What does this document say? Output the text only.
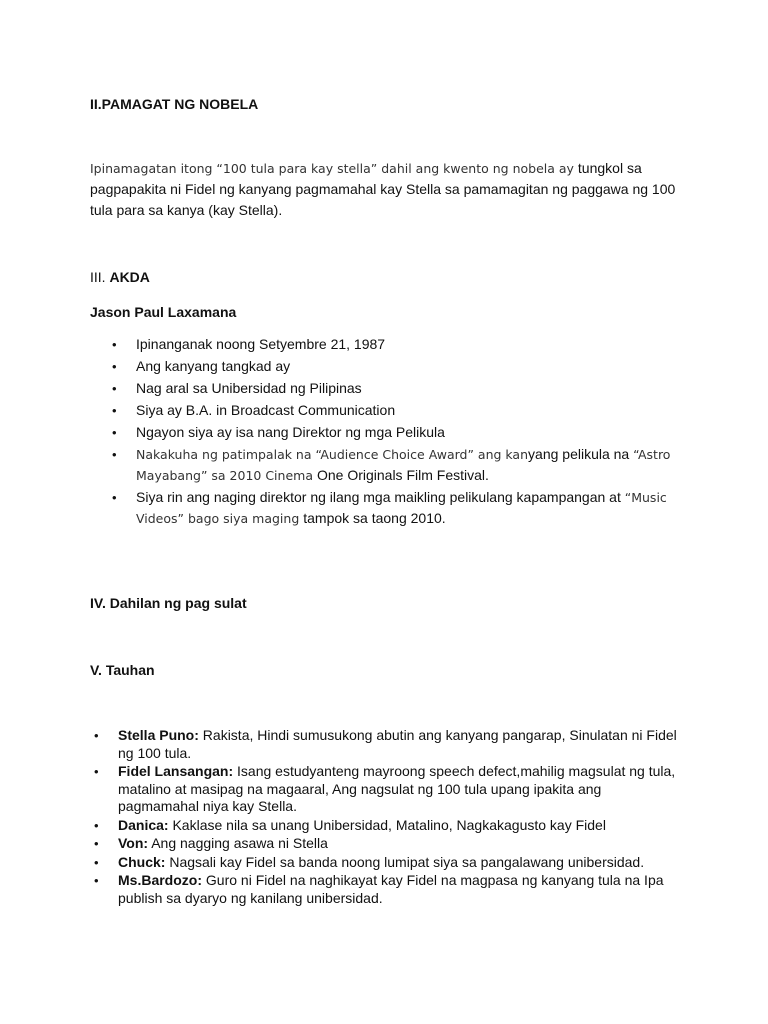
II.PAMAGAT NG NOBELA
Ipinamagatan itong “100 tula para kay stella” dahil ang kwento ng nobela ay tungkol sa pagpapakita ni Fidel ng kanyang pagmamahal kay Stella sa pamamagitan ng paggawa ng 100 tula para sa kanya (kay Stella).
III. AKDA
Jason Paul Laxamana
• Ipinanganak noong Setyembre 21, 1987
• Ang kanyang tangkad ay
• Nag aral sa Unibersidad ng Pilipinas
• Siya ay B.A. in Broadcast Communication
• Ngayon siya ay isa nang Direktor ng mga Pelikula
• Nakakuha ng patimpalak na “Audience Choice Award” ang kanyang pelikula na “Astro Mayabang” sa 2010 Cinema One Originals Film Festival.
• Siya rin ang naging direktor ng ilang mga maikling pelikulang kapampangan at “Music Videos” bago siya maging tampok sa taong 2010.
IV. Dahilan ng pag sulat
V. Tauhan
• Stella Puno: Rakista, Hindi sumusukong abutin ang kanyang pangarap, Sinulatan ni Fidel ng 100 tula.
• Fidel Lansangan: Isang estudyanteng mayroong speech defect,mahilig magsulat ng tula, matalino at masipag na magaaral, Ang nagsulat ng 100 tula upang ipakita ang pagmamahal niya kay Stella.
• Danica: Kaklase nila sa unang Unibersidad, Matalino, Nagkakagusto kay Fidel
• Von: Ang nagging asawa ni Stella
• Chuck: Nagsali kay Fidel sa banda noong lumipat siya sa pangalawang unibersidad.
• Ms.Bardozo: Guro ni Fidel na naghikayat kay Fidel na magpasa ng kanyang tula na Ipa publish sa dyaryo ng kanilang unibersidad.
